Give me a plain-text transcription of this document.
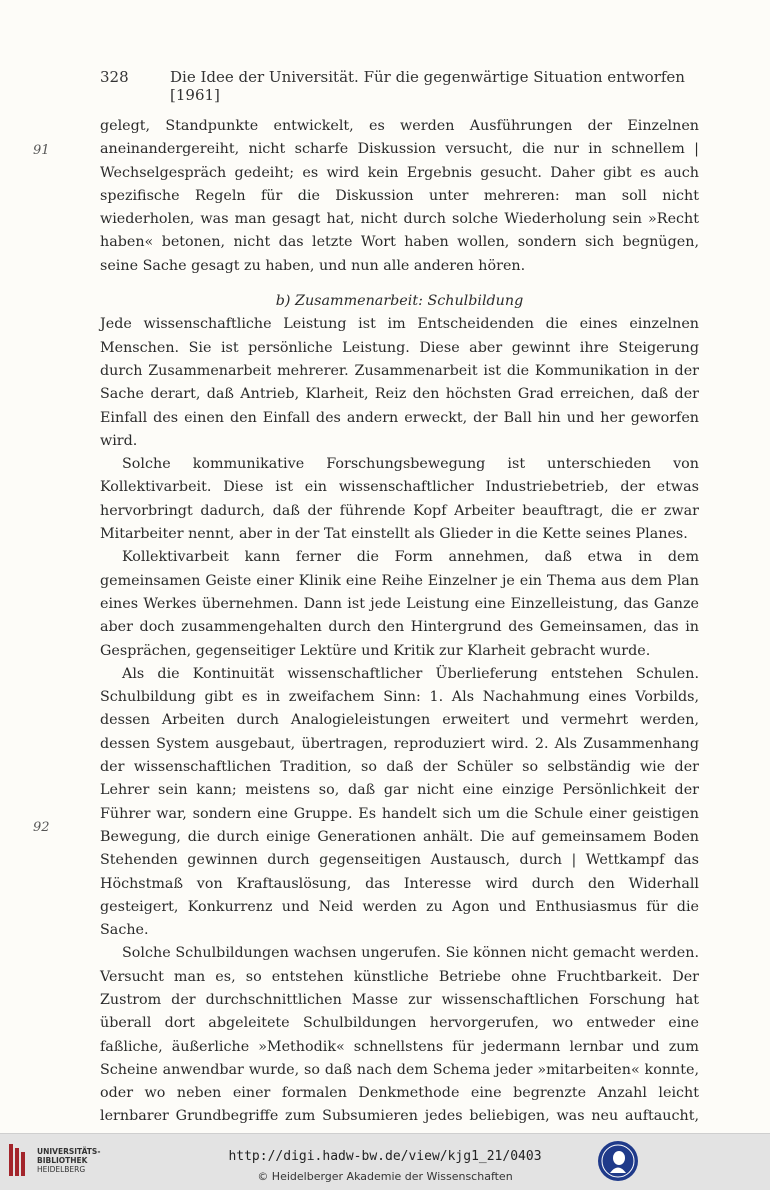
328	Die Idee der Universität. Für die gegenwärtige Situation entworfen [1961]
91
92

gelegt, Standpunkte entwickelt, es werden Ausführungen der Einzelnen aneinandergereiht, nicht scharfe Diskussion versucht, die nur in schnellem | Wechselgespräch gedeiht; es wird kein Ergebnis gesucht. Daher gibt es auch spezifische Regeln für die Diskussion unter mehreren: man soll nicht wiederholen, was man gesagt hat, nicht durch solche Wiederholung sein »Recht haben« betonen, nicht das letzte Wort haben wollen, sondern sich begnügen, seine Sache gesagt zu haben, und nun alle anderen hören.

b) Zusammenarbeit: Schulbildung

Jede wissenschaftliche Leistung ist im Entscheidenden die eines einzelnen Menschen. Sie ist persönliche Leistung. Diese aber gewinnt ihre Steigerung durch Zusammenarbeit mehrerer. Zusammenarbeit ist die Kommunikation in der Sache derart, daß Antrieb, Klarheit, Reiz den höchsten Grad erreichen, daß der Einfall des einen den Einfall des andern erweckt, der Ball hin und her geworfen wird.

Solche kommunikative Forschungsbewegung ist unterschieden von Kollektivarbeit. Diese ist ein wissenschaftlicher Industriebetrieb, der etwas hervorbringt dadurch, daß der führende Kopf Arbeiter beauftragt, die er zwar Mitarbeiter nennt, aber in der Tat einstellt als Glieder in die Kette seines Planes.

Kollektivarbeit kann ferner die Form annehmen, daß etwa in dem gemeinsamen Geiste einer Klinik eine Reihe Einzelner je ein Thema aus dem Plan eines Werkes übernehmen. Dann ist jede Leistung eine Einzelleistung, das Ganze aber doch zusammengehalten durch den Hintergrund des Gemeinsamen, das in Gesprächen, gegenseitiger Lektüre und Kritik zur Klarheit gebracht wurde.

Als die Kontinuität wissenschaftlicher Überlieferung entstehen Schulen. Schulbildung gibt es in zweifachem Sinn: 1. Als Nachahmung eines Vorbilds, dessen Arbeiten durch Analogieleistungen erweitert und vermehrt werden, dessen System ausgebaut, übertragen, reproduziert wird. 2. Als Zusammenhang der wissenschaftlichen Tradition, so daß der Schüler so selbständig wie der Lehrer sein kann; meistens so, daß gar nicht eine einzige Persönlichkeit der Führer war, sondern eine Gruppe. Es handelt sich um die Schule einer geistigen Bewegung, die durch einige Generationen anhält. Die auf gemeinsamem Boden Stehenden gewinnen durch gegenseitigen Austausch, durch | Wettkampf das Höchstmaß von Kraftauslösung, das Interesse wird durch den Widerhall gesteigert, Konkurrenz und Neid werden zu Agon und Enthusiasmus für die Sache.

Solche Schulbildungen wachsen ungerufen. Sie können nicht gemacht werden. Versucht man es, so entstehen künstliche Betriebe ohne Fruchtbarkeit. Der Zustrom der durchschnittlichen Masse zur wissenschaftlichen Forschung hat überall dort abgeleitete Schulbildungen hervorgerufen, wo entweder eine faßliche, äußerliche »Methodik« schnellstens für jedermann lernbar und zum Scheine anwendbar wurde, so daß nach dem Schema jeder »mitarbeiten« konnte, oder wo neben einer formalen Denkmethode eine begrenzte Anzahl leicht lernbarer Grundbegriffe zum Subsumieren jedes beliebigen, was neu auftaucht,

UNIVERSITÄTS-
BIBLIOTHEK
HEIDELBERG
http://digi.hadw-bw.de/view/kjg1_21/0403
© Heidelberger Akademie der Wissenschaften
